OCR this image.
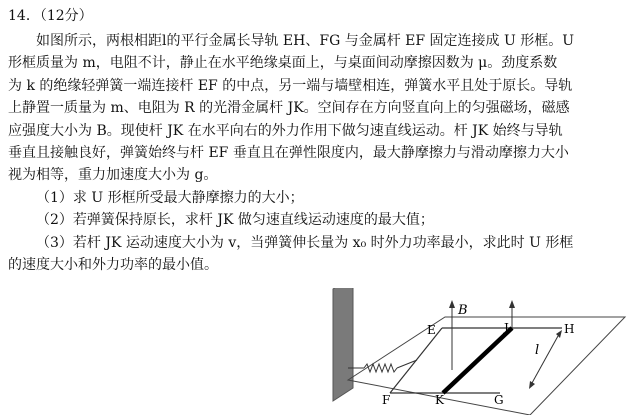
14．（12分）

如图所示，两根相距l的平行金属长导轨 EH、FG 与金属杆 EF 固定连接成 U 形框。U

形框质量为 m，电阻不计，静止在水平绝缘桌面上，与桌面间动摩擦因数为 μ。劲度系数

为 k 的绝缘轻弹簧一端连接杆 EF 的中点，另一端与墙壁相连，弹簧水平且处于原长。导轨

上静置一质量为 m、电阻为 R 的光滑金属杆 JK。空间存在方向竖直向上的匀强磁场，磁感

应强度大小为 B。现使杆 JK 在水平向右的外力作用下做匀速直线运动。杆 JK 始终与导轨

垂直且接触良好，弹簧始终与杆 EF 垂直且在弹性限度内，最大静摩擦力与滑动摩擦力大小

视为相等，重力加速度大小为 g。

（1）求 U 形框所受最大静摩擦力的大小；

（2）若弹簧保持原长，求杆 JK 做匀速直线运动速度的最大值；

（3）若杆 JK 运动速度大小为 v，当弹簧伸长量为 x₀ 时外力功率最小，求此时 U 形框

的速度大小和外力功率的最小值。

B
E	J	H
F	K	G
l
